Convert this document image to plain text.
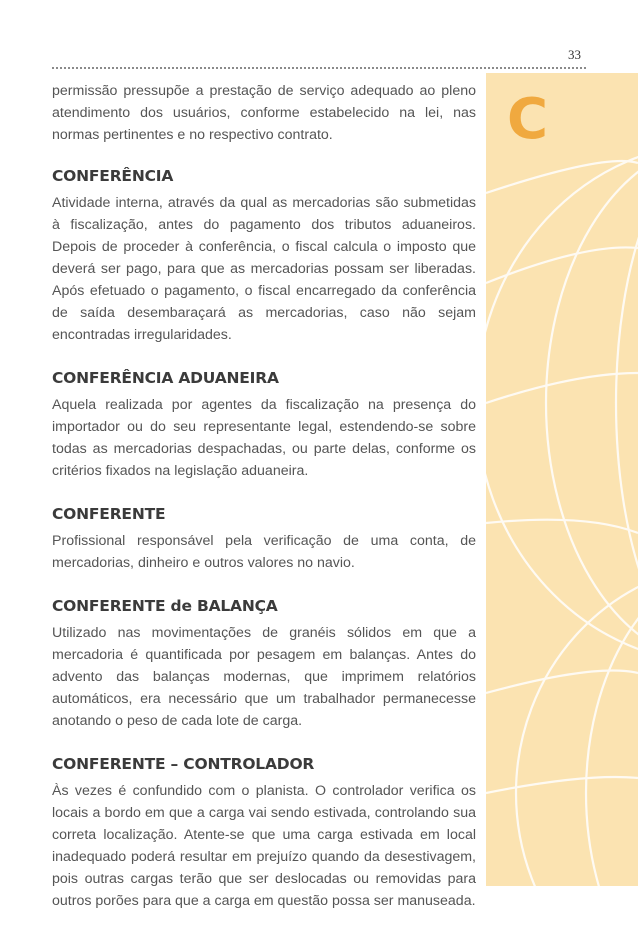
C
33

permissão pressupõe a prestação de serviço adequado ao pleno atendimento dos usuários, conforme estabelecido na lei, nas normas pertinentes e no respectivo contrato.

CONFERÊNCIA

Atividade interna, através da qual as mercadorias são submetidas à fiscalização, antes do pagamento dos tributos aduaneiros. Depois de proceder à conferência, o fiscal calcula o imposto que deverá ser pago, para que as mercadorias possam ser liberadas. Após efetuado o pagamento, o fiscal encarregado da conferência de saída desembaraçará as mercadorias, caso não sejam encontradas irregularidades.

CONFERÊNCIA ADUANEIRA

Aquela realizada por agentes da fiscalização na presença do importador ou do seu representante legal, estendendo-se sobre todas as mercadorias despachadas, ou parte delas, conforme os critérios fixados na legislação aduaneira.

CONFERENTE

Profissional responsável pela verificação de uma conta, de mercadorias, dinheiro e outros valores no navio.

CONFERENTE de BALANÇA

Utilizado nas movimentações de granéis sólidos em que a mercadoria é quantificada por pesagem em balanças. Antes do advento das balanças modernas, que imprimem relatórios automáticos, era necessário que um trabalhador permanecesse anotando o peso de cada lote de carga.

CONFERENTE – CONTROLADOR

Às vezes é confundido com o planista. O controlador verifica os locais a bordo em que a carga vai sendo estivada, controlando sua correta localização. Atente-se que uma carga estivada em local inadequado poderá resultar em prejuízo quando da desestivagem, pois outras cargas terão que ser deslocadas ou removidas para outros porões para que a carga em questão possa ser manuseada.
